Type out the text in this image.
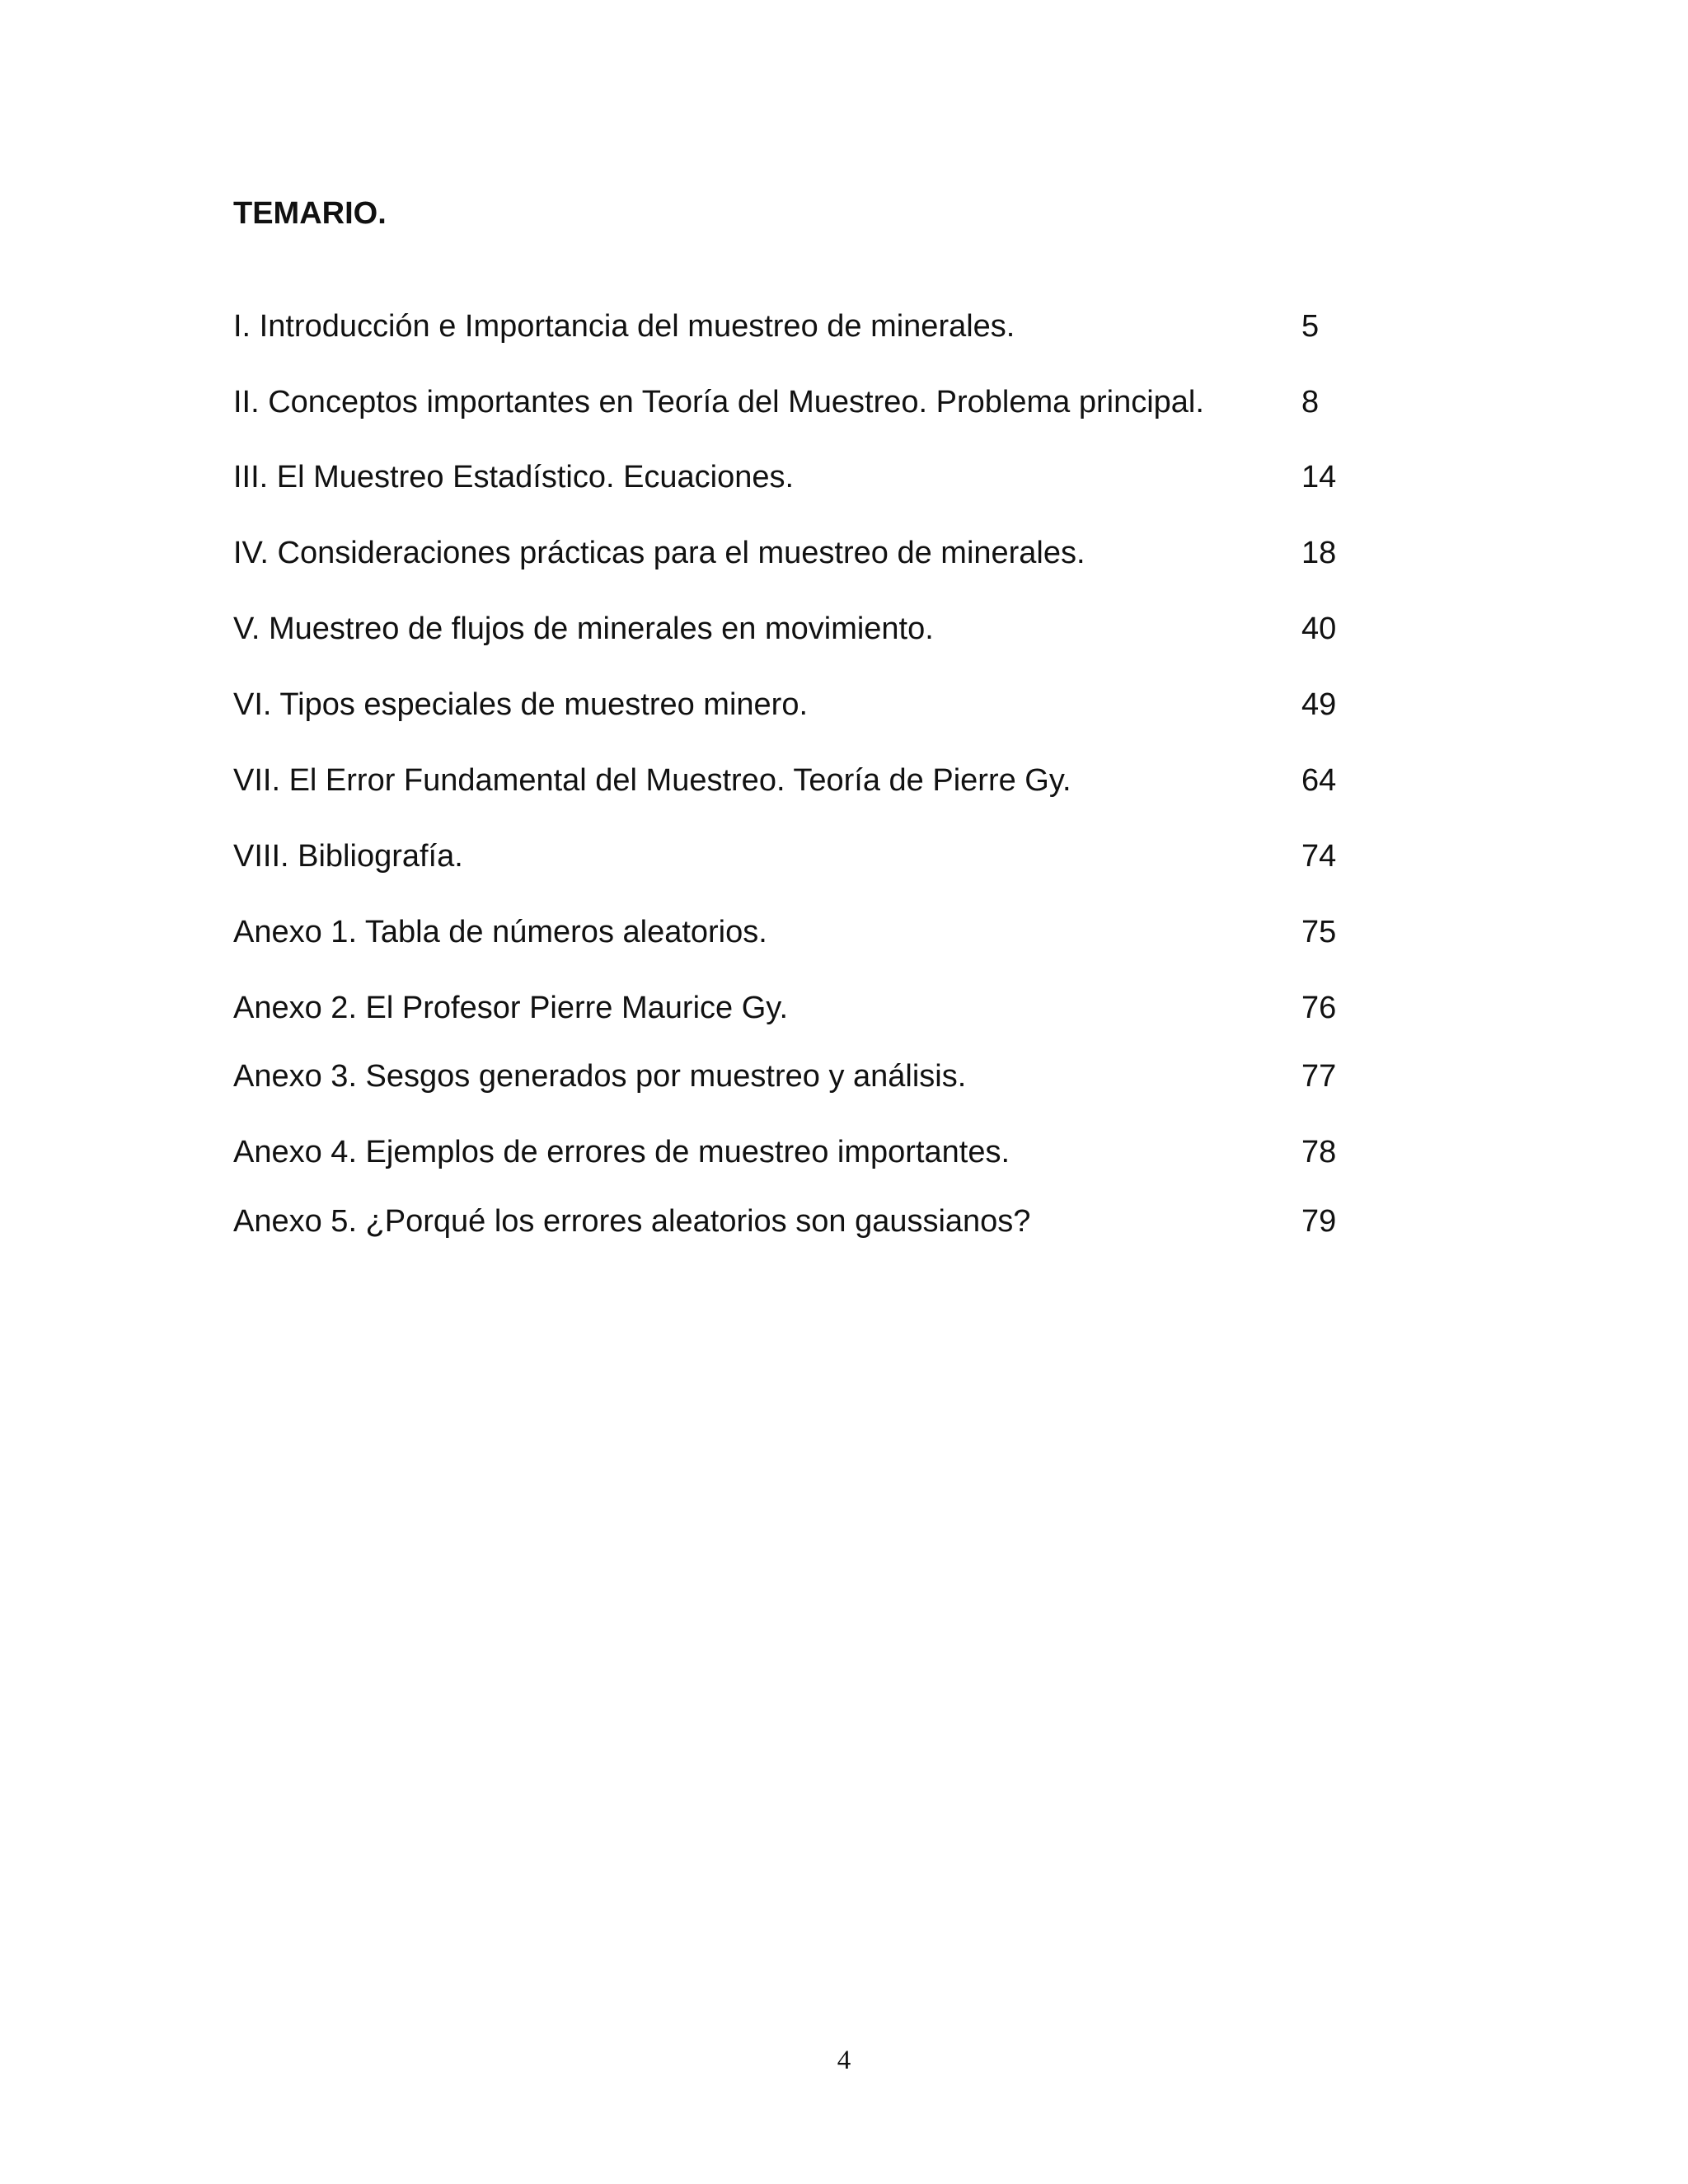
TEMARIO.
I. Introducción e Importancia del muestreo de minerales.	5
II. Conceptos importantes en Teoría del Muestreo. Problema principal.	8
III. El Muestreo Estadístico. Ecuaciones.	14
IV. Consideraciones prácticas para el muestreo de minerales.	18
V. Muestreo de flujos de minerales en movimiento.	40
VI. Tipos especiales de muestreo minero.	49
VII. El Error Fundamental del Muestreo. Teoría de Pierre Gy.	64
VIII. Bibliografía.	74
Anexo 1. Tabla de números aleatorios.	75
Anexo 2. El Profesor Pierre Maurice Gy.	76
Anexo 3. Sesgos generados por muestreo y análisis.	77
Anexo 4. Ejemplos de errores de muestreo importantes.	78
Anexo 5. ¿Porqué los errores aleatorios son gaussianos?	79
4
